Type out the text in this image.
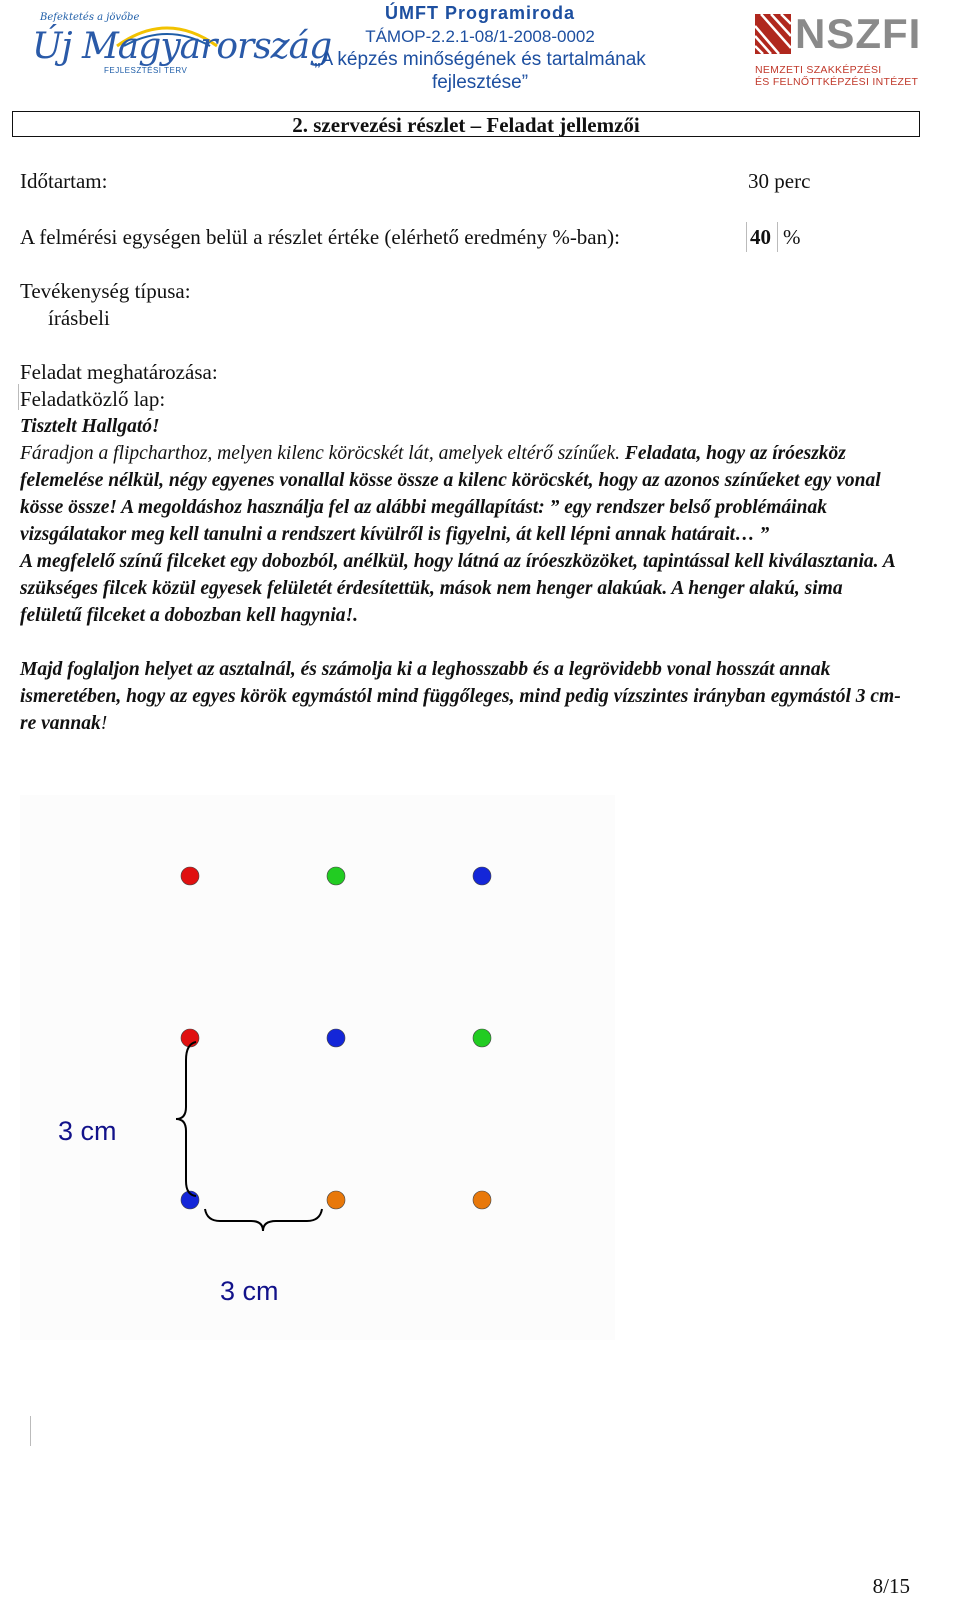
Befektetés a jövőbe
Új Magyarország
FEJLESZTÉSI TERV
ÚMFT Programiroda
TÁMOP-2.2.1-08/1-2008-0002
„A képzés minőségének és tartalmának
fejlesztése”
NSZFI
NEMZETI SZAKKÉPZÉSI
ÉS FELNŐTTKÉPZÉSI INTÉZET
2. szervezési részlet – Feladat jellemzői
Időtartam:	30 perc
A felmérési egységen belül a részlet értéke (elérhető eredmény %-ban):	40 %
Tevékenység típusa:
írásbeli
Feladat meghatározása:
Feladatközlő lap:

Tisztelt Hallgató!

Fáradjon a flipcharthoz, melyen kilenc köröcskét lát, amelyek eltérő színűek. Feladata, hogy az íróeszköz felemelése nélkül, négy egyenes vonallal kösse össze a kilenc köröcskét, hogy az azonos színűeket egy vonal kösse össze! A megoldáshoz használja fel az alábbi megállapítást: ” egy rendszer belső problémáinak vizsgálatakor meg kell tanulni a rendszert kívülről is figyelni, át kell lépni annak határait… ”

A megfelelő színű filceket egy dobozból, anélkül, hogy látná az íróeszközöket, tapintással kell kiválasztania. A szükséges filcek közül egyesek felületét érdesítettük, mások nem henger alakúak. A henger alakú, sima felületű filceket a dobozban kell hagynia!.

Majd foglaljon helyet az asztalnál, és számolja ki a leghosszabb és a legrövidebb vonal hosszát annak ismeretében, hogy az egyes körök egymástól mind függőleges, mind pedig vízszintes irányban egymástól 3 cm-re vannak!

3 cm
3 cm
8/15
